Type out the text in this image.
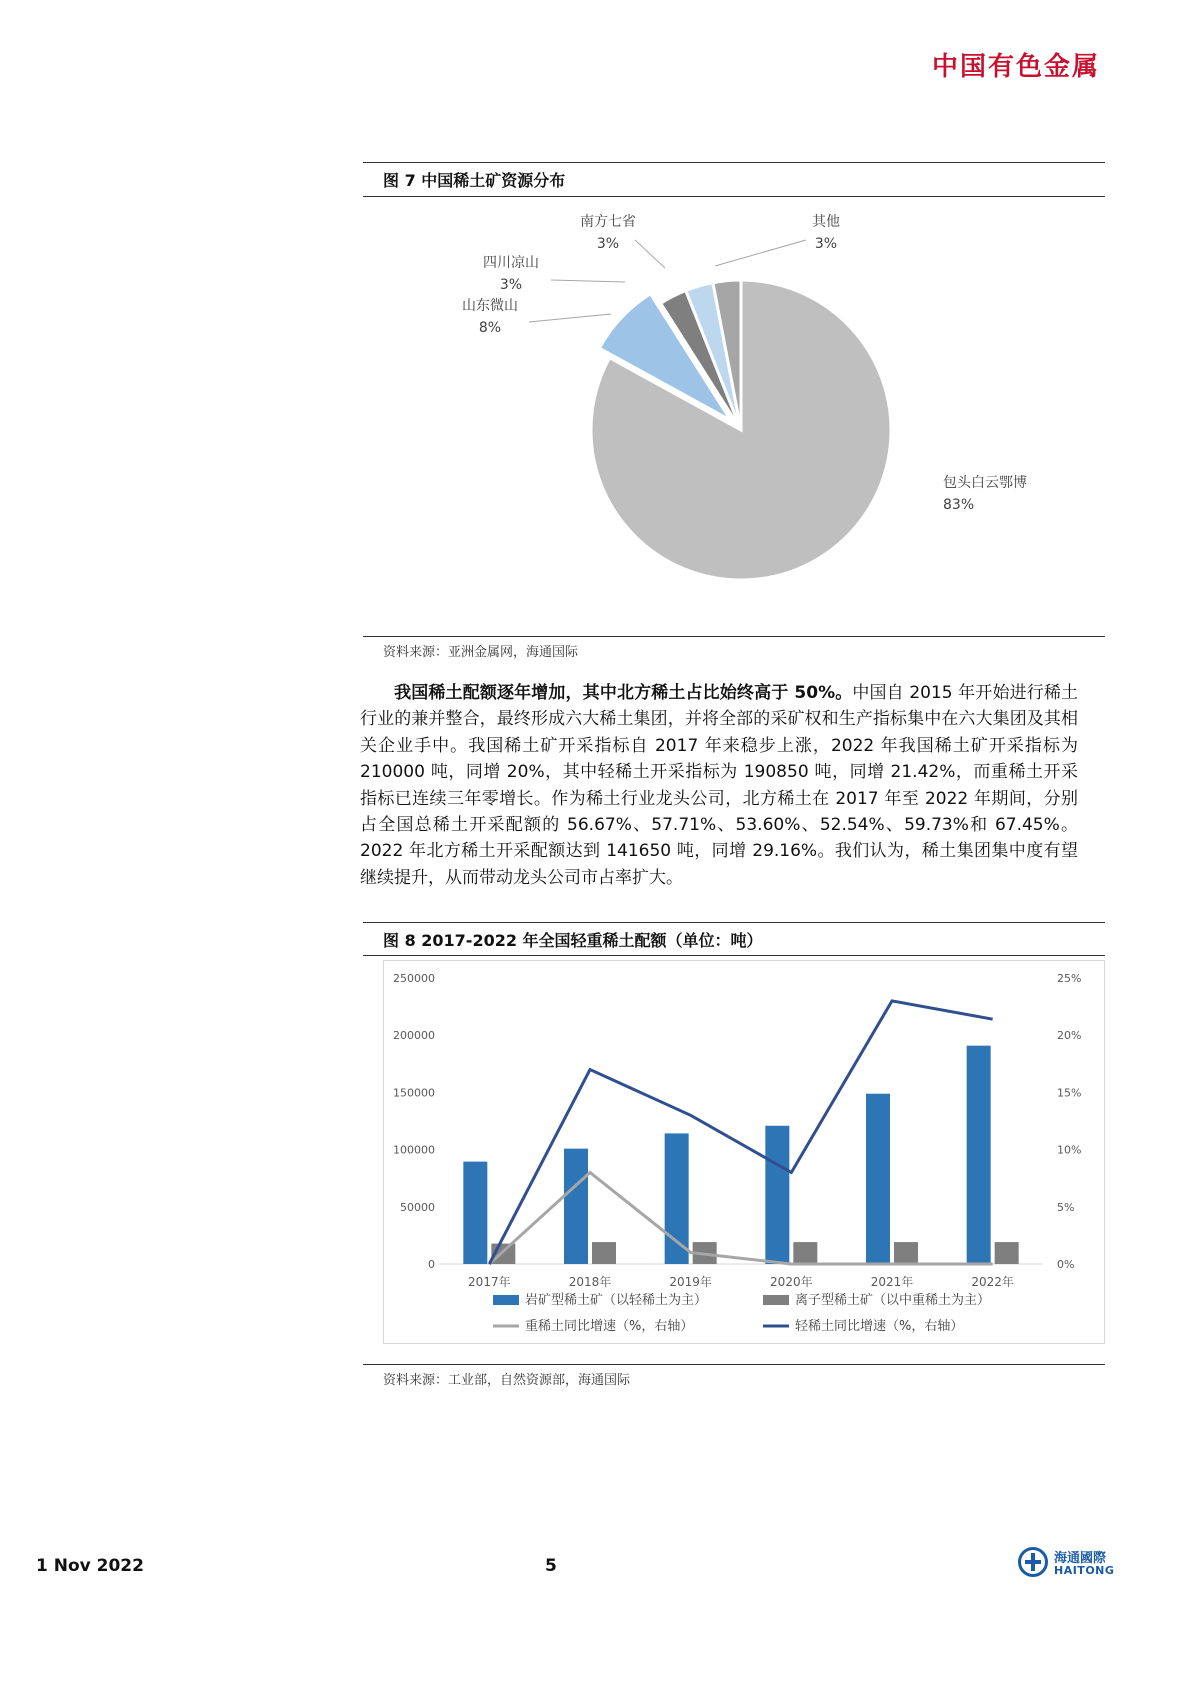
中国有色金属
图 7 中国稀土矿资源分布
包头白云鄂博
83%
山东微山
8%
四川凉山
3%
南方七省
3%
其他
3%
资料来源：亚洲金属网，海通国际

  我国稀土配额逐年增加，其中北方稀土占比始终高于 50%。中国自 2015 年开始进行稀土行业的兼并整合，最终形成六大稀土集团，并将全部的采矿权和生产指标集中在六大集团及其相关企业手中。我国稀土矿开采指标自 2017 年来稳步上涨，2022 年我国稀土矿开采指标为 210000 吨，同增 20%，其中轻稀土开采指标为 190850 吨，同增 21.42%，而重稀土开采指标已连续三年零增长。作为稀土行业龙头公司，北方稀土在 2017 年至 2022 年期间，分别占全国总稀土开采配额的 56.67%、57.71%、53.60%、52.54%、59.73%和 67.45%。2022 年北方稀土开采配额达到 141650 吨，同增 29.16%。我们认为，稀土集团集中度有望继续提升，从而带动龙头公司市占率扩大。

图 8 2017-2022 年全国轻重稀土配额（单位：吨）
250000
200000
150000
100000
50000
0
25%
20%
15%
10%
5%
0%
2017年	2018年	2019年	2020年	2021年	2022年
岩矿型稀土矿（以轻稀土为主）	离子型稀土矿（以中重稀土为主）
重稀土同比增速（%，右轴）	轻稀土同比增速（%，右轴）
资料来源：工业部，自然资源部，海通国际
1 Nov 2022	5	海通國際
HAITONG
